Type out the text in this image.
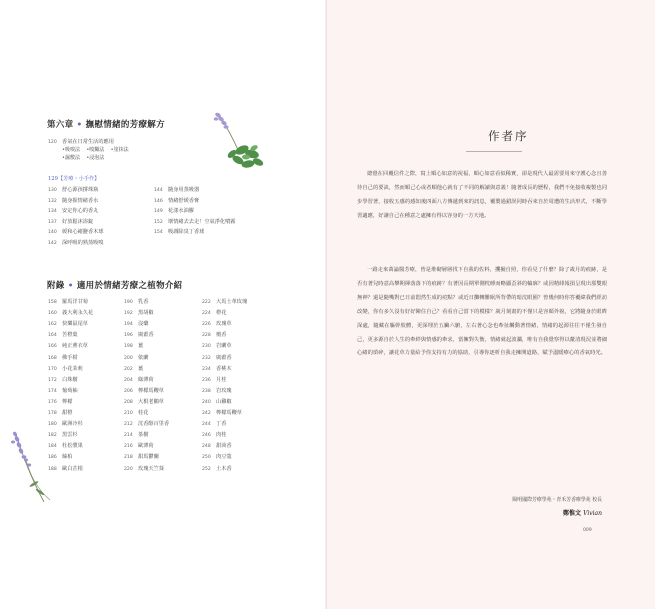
第六章 • 撫慰情緒的芳療解方
120 香氣在日常生活的應用
•吸嗅法 •嗅鑼法 •塗抹法
•濕敷法 •浸泡法
129【芳療・小手作】
130 舒心源孩撐珠瓶
132 隨身握情緒香水
134 安定你心的香丸
137 好放鬆沐浴錠
140 緩和心緒鹽香木球
142 深呼吸的熟蒸吸嗅
144 隨身用蒸吸器
146 情緒舒緩香膏
149 花漾水油膠
152 壞情緒去去走！空氣淨化噴霧
154 吸調除臭丁香球
附錄 • 適用於情緒芳療之植物介紹
158 羅馬洋甘菊
160 義大利永久花
162 快樂鼠尾草
164 苦橙葉
166 純正薰衣草
168 佛手柑
170 小花茉莉
172 白珠樹
174 葡萄柚
176 檸檬
178 甜橙
180 歐洲冷杉
182 黑雲杉
184 杜松漿果
186 絲柏
188 歐白芷根
190 乳香
192 黑胡椒
194 沒藥
196 廣藿香
198 薑
200 依蘭
202 薑
204 綠薄荷
206 檸檬馬鞭草
208 大根老鸛草
210 桂花
212 沈香醇百里香
214 茶樹
216 歐薄荷
218 甜馬鬱蘭
220 玫瑰天竺葵
222 大馬士革玫瑰
224 橙花
226 玫瑰草
228 檀香
230 岩蘭草
232 廣藿香
234 香桃木
236 月桂
238 岩玫瑰
240 山雞椒
242 檸檬馬鞭草
244 丁香
246 肉桂
248 甜茴香
250 肉豆蔻
252 土木香
作者序
總覺在回覆信件之際，寫上順心如意的祝福，順心如意看似稀實，卻是現代人最需要用來守護心念且善待自己的要訣，然而順己心或者順他心就有了不同的解讀與意義！隨著成長的歷程，我們不免接收複製也同步學習著，接收五感的感知後四面八方傳遞到來的訊息，覆製過錯誤同時吞來自於周遭的生活形式，不斷學習適應，好讓自己在種意之處擁有得以容身的一方天地。
一路走來萬論醫芳療，皆是堆砌層層找下自我的佐料，攫擬自照，你看見了什麼？除了歲月的痕跡，是否有著兒時意高攀期揮落落下的痕跡？有著因長期單側枕睡而略顯歪斜的輪廓？或因精緋報損呈現出那雙眼無神？還是隨嘴對已日前悶然生成的痘點？或近日攤轉難眠所背帶的暗沈眼圈？曾幾何時你答覆緯我們經訪改變，你有多久沒有好好陳住自己？看看自己當下的模樣？歲月刻畫的不僅只是容顏外貌，它將隨身於眼眸深處，隨藏在軀幹肢體，更深埋於五臟六腑，左右著心念也牽扯觸動著情緒，情緒的起源往往不僅生發自己，更多源自於人生的牽絆與情感的牽求，當擁對失衡，情緒就起波瀾，唯有自我覺察得以釐清現況並將細心緒的瑣碎，讓花草力量給予你支持有力的協助，引導你逐析自我走擁開道路，賦予溫暖療心的香氣時光。
陽明國際芳療學苑・青禾芳香療學苑 校長
鄭惟文 Vivian
009
